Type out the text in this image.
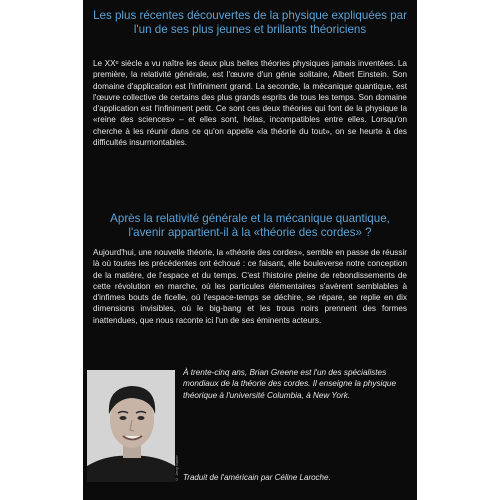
Les plus récentes découvertes de la physique expliquées par l'un de ses plus jeunes et brillants théoriciens

Le XXᵉ siècle a vu naître les deux plus belles théories physiques jamais inventées. La première, la relativité générale, est l'œuvre d'un génie solitaire, Albert Einstein. Son domaine d'application est l'infiniment grand. La seconde, la mécanique quantique, est l'œuvre collective de certains des plus grands esprits de tous les temps. Son domaine d'application est l'infiniment petit. Ce sont ces deux théories qui font de la physique la «reine des sciences» – et elles sont, hélas, incompatibles entre elles. Lorsqu'on cherche à les réunir dans ce qu'on appelle «la théorie du tout», on se heurte à des difficultés insurmontables.

Après la relativité générale et la mécanique quantique, l'avenir appartient-il à la «théorie des cordes» ?

Aujourd'hui, une nouvelle théorie, la «théorie des cordes», semble en passe de réussir là où toutes les précédentes ont échoué : ce faisant, elle bouleverse notre conception de la matière, de l'espace et du temps. C'est l'histoire pleine de rebondissements de cette révolution en marche, où les particules élémentaires s'avèrent semblables à d'infimes bouts de ficelle, où l'espace-temps se déchire, se répare, se replie en dix dimensions invisibles, où le big-bang et les trous noirs prennent des formes inattendues, que nous raconte ici l'un de ses éminents acteurs.

© Jerry Bauer

À trente-cinq ans, Brian Greene est l'un des spécialistes mondiaux de la théorie des cordes. Il enseigne la physique théorique à l'université Columbia, à New York.

Traduit de l'américain par Céline Laroche.
